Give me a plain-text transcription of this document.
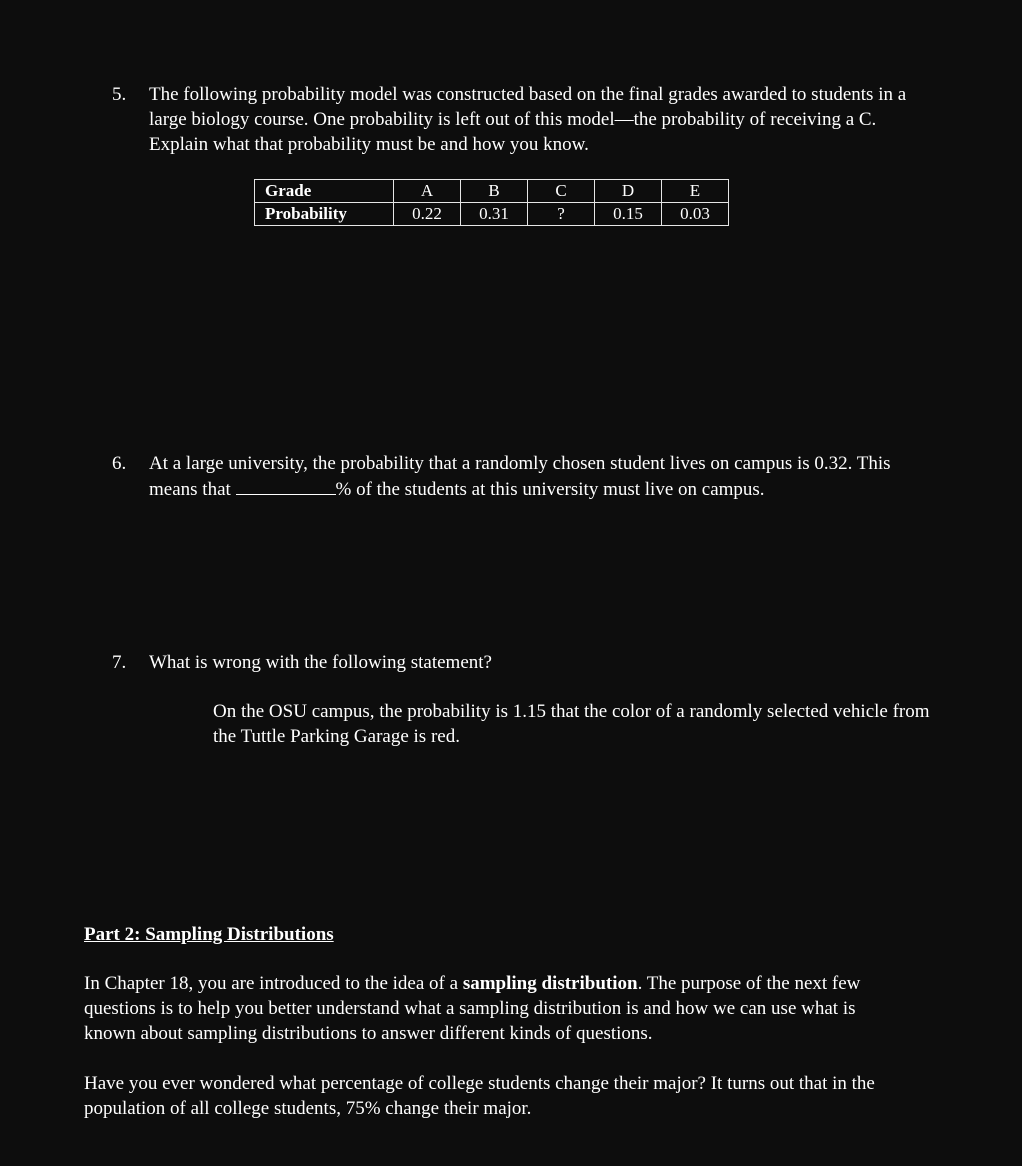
5. The following probability model was constructed based on the final grades awarded to students in a large biology course. One probability is left out of this model—the probability of receiving a C. Explain what that probability must be and how you know.
Grade	A	B	C	D	E
Probability	0.22	0.31	?	0.15	0.03
6. At a large university, the probability that a randomly chosen student lives on campus is 0.32. This means that	% of the students at this university must live on campus.
7. What is wrong with the following statement?
On the OSU campus, the probability is 1.15 that the color of a randomly selected vehicle from the Tuttle Parking Garage is red.
Part 2: Sampling Distributions
In Chapter 18, you are introduced to the idea of a sampling distribution. The purpose of the next few questions is to help you better understand what a sampling distribution is and how we can use what is known about sampling distributions to answer different kinds of questions.
Have you ever wondered what percentage of college students change their major? It turns out that in the population of all college students, 75% change their major.
